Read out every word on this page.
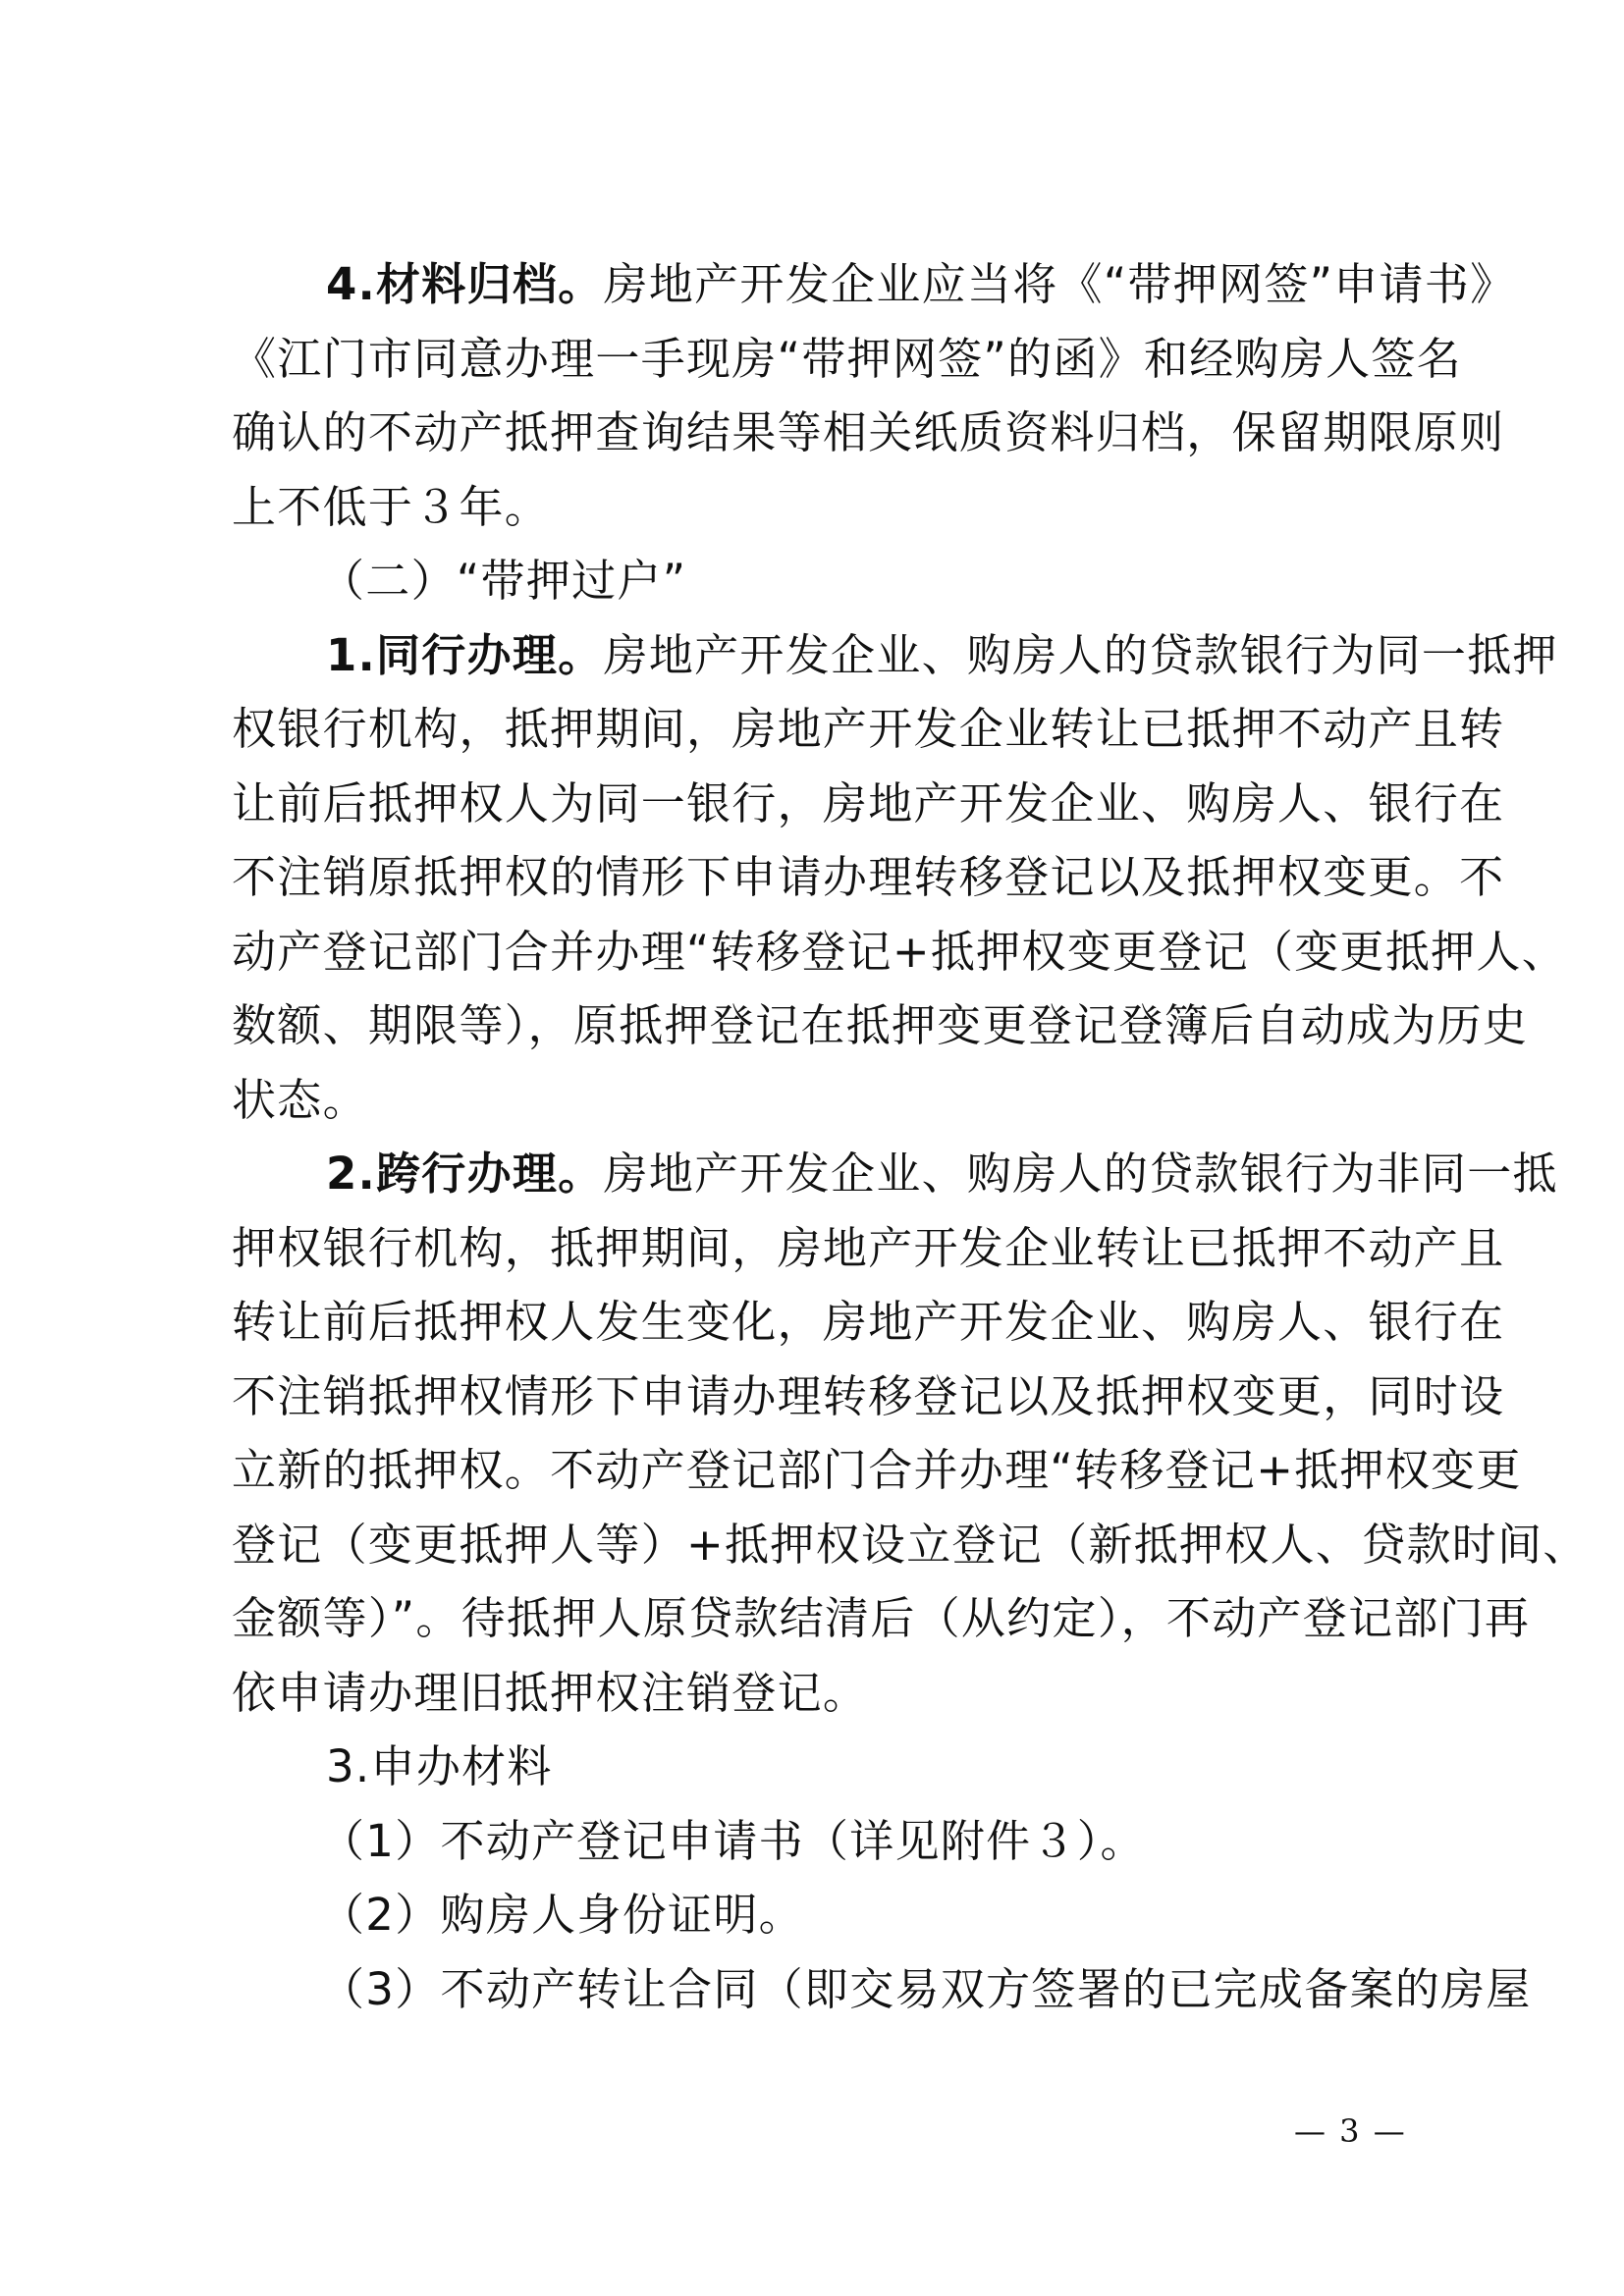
4.材料归档。房地产开发企业应当将《“带押网签”申请书》
《江门市同意办理一手现房“带押网签”的函》和经购房人签名
确认的不动产抵押查询结果等相关纸质资料归档，保留期限原则
上不低于３年。
（二）“带押过户”
1.同行办理。房地产开发企业、购房人的贷款银行为同一抵押
权银行机构，抵押期间，房地产开发企业转让已抵押不动产且转
让前后抵押权人为同一银行，房地产开发企业、购房人、银行在
不注销原抵押权的情形下申请办理转移登记以及抵押权变更。不
动产登记部门合并办理“转移登记+抵押权变更登记（变更抵押人、
数额、期限等），原抵押登记在抵押变更登记登簿后自动成为历史
状态。
2.跨行办理。房地产开发企业、购房人的贷款银行为非同一抵
押权银行机构，抵押期间，房地产开发企业转让已抵押不动产且
转让前后抵押权人发生变化，房地产开发企业、购房人、银行在
不注销抵押权情形下申请办理转移登记以及抵押权变更，同时设
立新的抵押权。不动产登记部门合并办理“转移登记+抵押权变更
登记（变更抵押人等）+抵押权设立登记（新抵押权人、贷款时间、
金额等）”。待抵押人原贷款结清后（从约定），不动产登记部门再
依申请办理旧抵押权注销登记。
3.申办材料
（1）不动产登记申请书（详见附件３）。
（2）购房人身份证明。
（3）不动产转让合同（即交易双方签署的已完成备案的房屋
— 3 —
